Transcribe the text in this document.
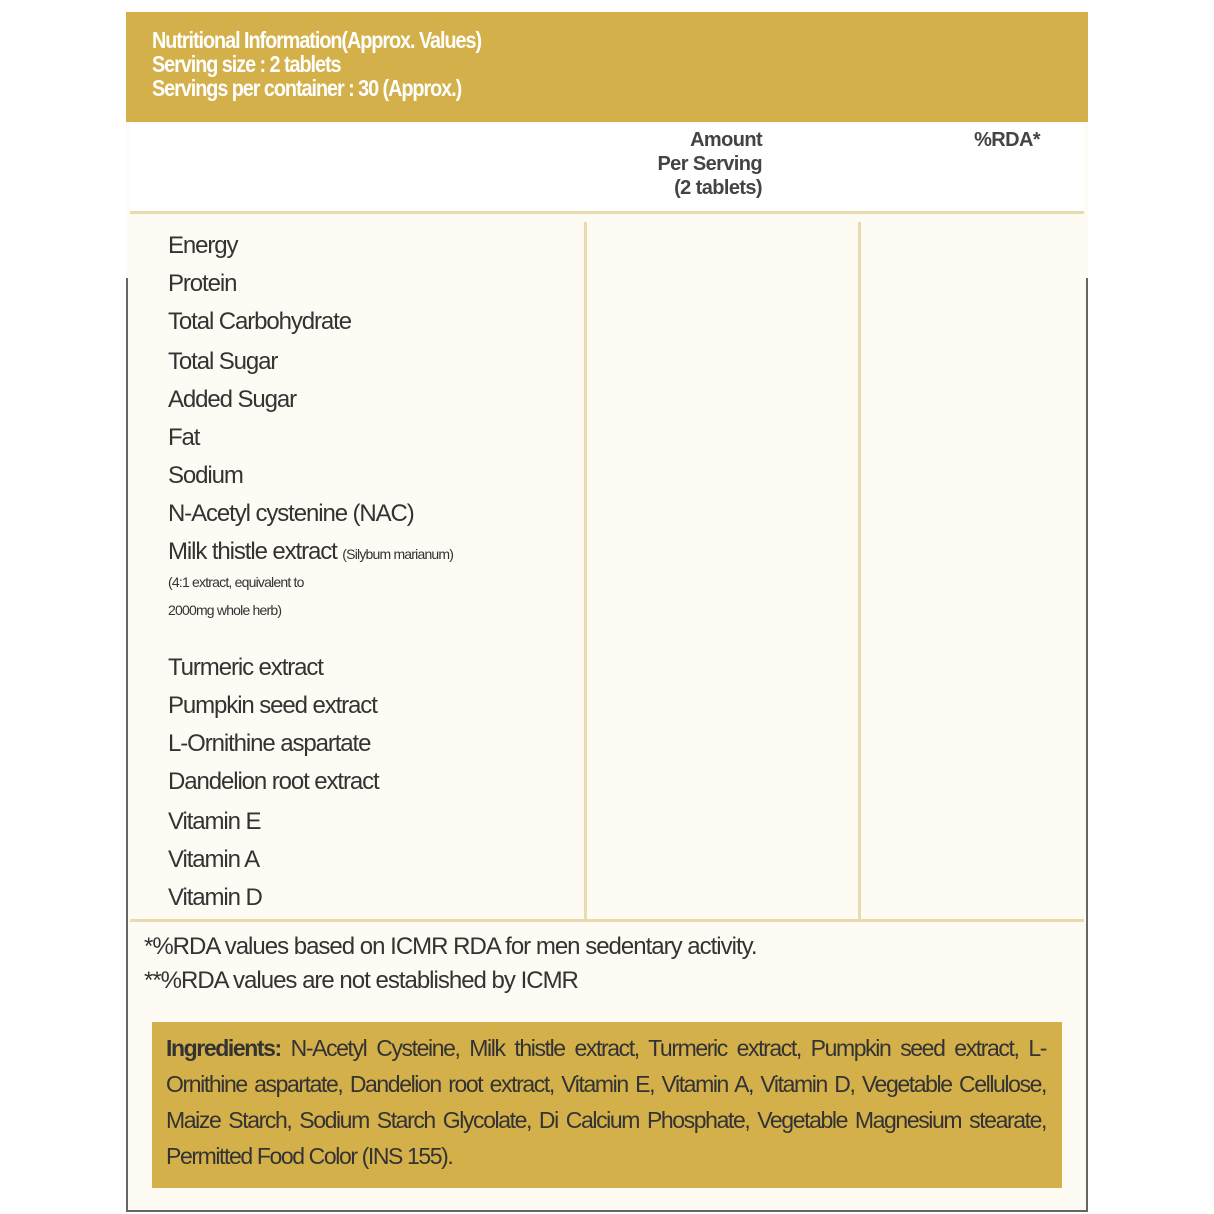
Nutritional Information(Approx. Values)
Serving size : 2 tablets
Servings per container : 30 (Approx.)
Amount
Per Serving
(2 tablets)
%RDA*
Energy
Protein
Total Carbohydrate
Total Sugar
Added Sugar
Fat
Sodium
N-Acetyl cystenine (NAC)
Milk thistle extract (Silybum marianum)
(4:1 extract, equivalent to
2000mg whole herb)
Turmeric extract
Pumpkin seed extract
L-Ornithine aspartate
Dandelion root extract
Vitamin E
Vitamin A
Vitamin D
*%RDA values based on ICMR RDA for men sedentary activity.
**%RDA values are not established by ICMR
Ingredients: N-Acetyl Cysteine, Milk thistle extract, Turmeric extract, Pumpkin seed extract, L-Ornithine aspartate, Dandelion root extract, Vitamin E, Vitamin A, Vitamin D, Vegetable Cellulose, Maize Starch, Sodium Starch Glycolate, Di Calcium Phosphate, Vegetable Magnesium stearate, Permitted Food Color (INS 155).
